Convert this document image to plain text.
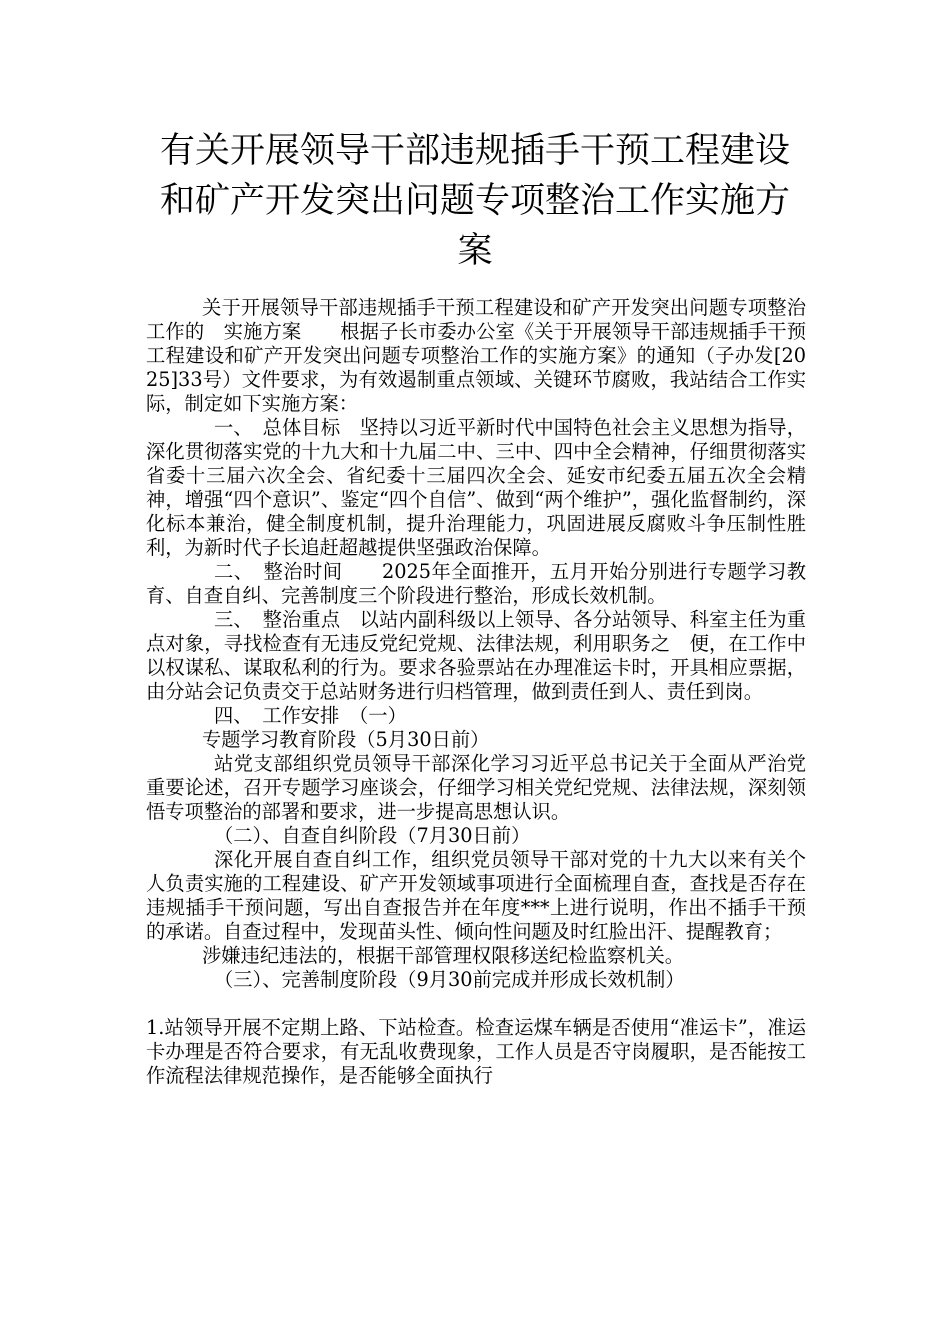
有关开展领导干部违规插手干预工程建设
和矿产开发突出问题专项整治工作实施方
案

关于开展领导干部违规插手干预工程建设和矿产开发突出问题专项整治工作的　实施方案　　根据子长市委办公室《关于开展领导干部违规插手干预工程建设和矿产开发突出问题专项整治工作的实施方案》的通知（子办发[2025]33号）文件要求，为有效遏制重点领域、关键环节腐败，我站结合工作实际，制定如下实施方案：

一、　总体目标　坚持以习近平新时代中国特色社会主义思想为指导，深化贯彻落实党的十九大和十九届二中、三中、四中全会精神，仔细贯彻落实省委十三届六次全会、省纪委十三届四次全会、延安市纪委五届五次全会精神，增强“四个意识”、鉴定“四个自信”、做到“两个维护”，强化监督制约，深化标本兼治，健全制度机制，提升治理能力，巩固进展反腐败斗争压制性胜利，为新时代子长追赶超越提供坚强政治保障。

二、　整治时间　　2025年全面推开，五月开始分别进行专题学习教育、自查自纠、完善制度三个阶段进行整治，形成长效机制。

三、　整治重点　以站内副科级以上领导、各分站领导、科室主任为重点对象，寻找检查有无违反党纪党规、法律法规，利用职务之　便，在工作中以权谋私、谋取私利的行为。要求各验票站在办理准运卡时，开具相应票据，由分站会记负责交于总站财务进行归档管理，做到责任到人、责任到岗。

四、　工作安排　（一）

专题学习教育阶段（5月30日前）

站党支部组织党员领导干部深化学习习近平总书记关于全面从严治党重要论述，召开专题学习座谈会，仔细学习相关党纪党规、法律法规，深刻领悟专项整治的部署和要求，进一步提高思想认识。

（二）、自查自纠阶段（7月30日前）

深化开展自查自纠工作，组织党员领导干部对党的十九大以来有关个人负责实施的工程建设、矿产开发领域事项进行全面梳理自查，查找是否存在违规插手干预问题，写出自查报告并在年度***上进行说明，作出不插手干预的承诺。自查过程中，发现苗头性、倾向性问题及时红脸出汗、提醒教育；

涉嫌违纪违法的，根据干部管理权限移送纪检监察机关。

（三）、完善制度阶段（9月30前完成并形成长效机制）

1.站领导开展不定期上路、下站检查。检查运煤车辆是否使用“准运卡”，准运卡办理是否符合要求，有无乱收费现象，工作人员是否守岗履职，是否能按工作流程法律规范操作，是否能够全面执行
